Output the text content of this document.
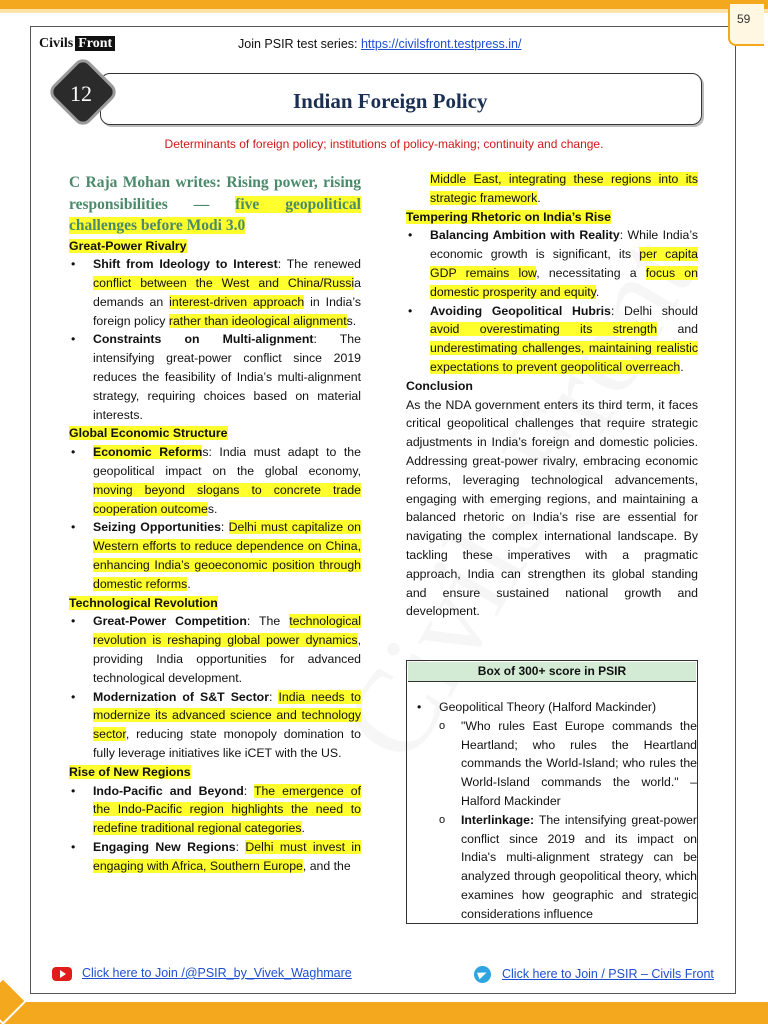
59
Civils Front	Join PSIR test series: https://civilsfront.testpress.in/
12	Indian Foreign Policy
Determinants of foreign policy; institutions of policy-making; continuity and change.
C Raja Mohan writes: Rising power, rising responsibilities — five geopolitical challenges before Modi 3.0
Great-Power Rivalry
• Shift from Ideology to Interest: The renewed conflict between the West and China/Russia demands an interest-driven approach in India’s foreign policy rather than ideological alignments.
• Constraints on Multi-alignment: The intensifying great-power conflict since 2019 reduces the feasibility of India’s multi-alignment strategy, requiring choices based on material interests.
Global Economic Structure
• Economic Reforms: India must adapt to the geopolitical impact on the global economy, moving beyond slogans to concrete trade cooperation outcomes.
• Seizing Opportunities: Delhi must capitalize on Western efforts to reduce dependence on China, enhancing India’s geoeconomic position through domestic reforms.
Technological Revolution
• Great-Power Competition: The technological revolution is reshaping global power dynamics, providing India opportunities for advanced technological development.
• Modernization of S&T Sector: India needs to modernize its advanced science and technology sector, reducing state monopoly domination to fully leverage initiatives like iCET with the US.
Rise of New Regions
• Indo-Pacific and Beyond: The emergence of the Indo-Pacific region highlights the need to redefine traditional regional categories.
• Engaging New Regions: Delhi must invest in engaging with Africa, Southern Europe, and the
Middle East, integrating these regions into its strategic framework.
Tempering Rhetoric on India’s Rise
• Balancing Ambition with Reality: While India’s economic growth is significant, its per capita GDP remains low, necessitating a focus on domestic prosperity and equity.
• Avoiding Geopolitical Hubris: Delhi should avoid overestimating its strength and underestimating challenges, maintaining realistic expectations to prevent geopolitical overreach.
Conclusion
As the NDA government enters its third term, it faces critical geopolitical challenges that require strategic adjustments in India’s foreign and domestic policies. Addressing great-power rivalry, embracing economic reforms, leveraging technological advancements, engaging with emerging regions, and maintaining a balanced rhetoric on India’s rise are essential for navigating the complex international landscape. By tackling these imperatives with a pragmatic approach, India can strengthen its global standing and ensure sustained national growth and development.
Box of 300+ score in PSIR
• Geopolitical Theory (Halford Mackinder)
o "Who rules East Europe commands the Heartland; who rules the Heartland commands the World-Island; who rules the World-Island commands the world." – Halford Mackinder
o Interlinkage: The intensifying great-power conflict since 2019 and its impact on India's multi-alignment strategy can be analyzed through geopolitical theory, which examines how geographic and strategic considerations influence
Click here to Join /@PSIR_by_Vivek_Waghmare	Click here to Join / PSIR – Civils Front
